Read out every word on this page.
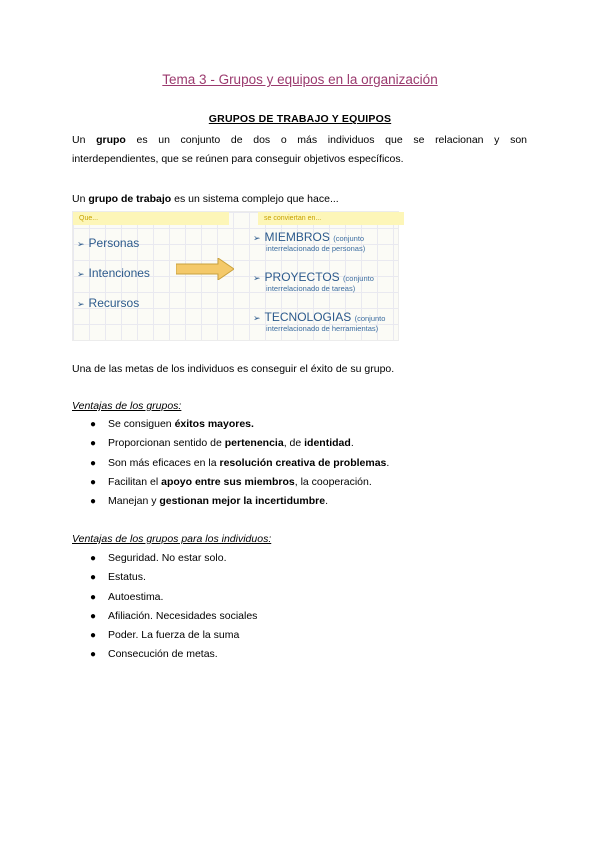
Tema 3 - Grupos y equipos en la organización
GRUPOS DE TRABAJO Y EQUIPOS
Un grupo es un conjunto de dos o más individuos que se relacionan y son
interdependientes, que se reúnen para conseguir objetivos específicos.
Un grupo de trabajo es un sistema complejo que hace...
Que...	se conviertan en...
➢ Personas
➢ Intenciones
➢ Recursos
➢ MIEMBROS (conjunto
interrelacionado de personas)
➢ PROYECTOS (conjunto
interrelacionado de tareas)
➢ TECNOLOGIAS (conjunto
interrelacionado de herramientas)
Una de las metas de los individuos es conseguir el éxito de su grupo.
Ventajas de los grupos:
● Se consiguen éxitos mayores.
● Proporcionan sentido de pertenencia, de identidad.
● Son más eficaces en la resolución creativa de problemas.
● Facilitan el apoyo entre sus miembros, la cooperación.
● Manejan y gestionan mejor la incertidumbre.
Ventajas de los grupos para los individuos:
● Seguridad. No estar solo.
● Estatus.
● Autoestima.
● Afiliación. Necesidades sociales
● Poder. La fuerza de la suma
● Consecución de metas.
